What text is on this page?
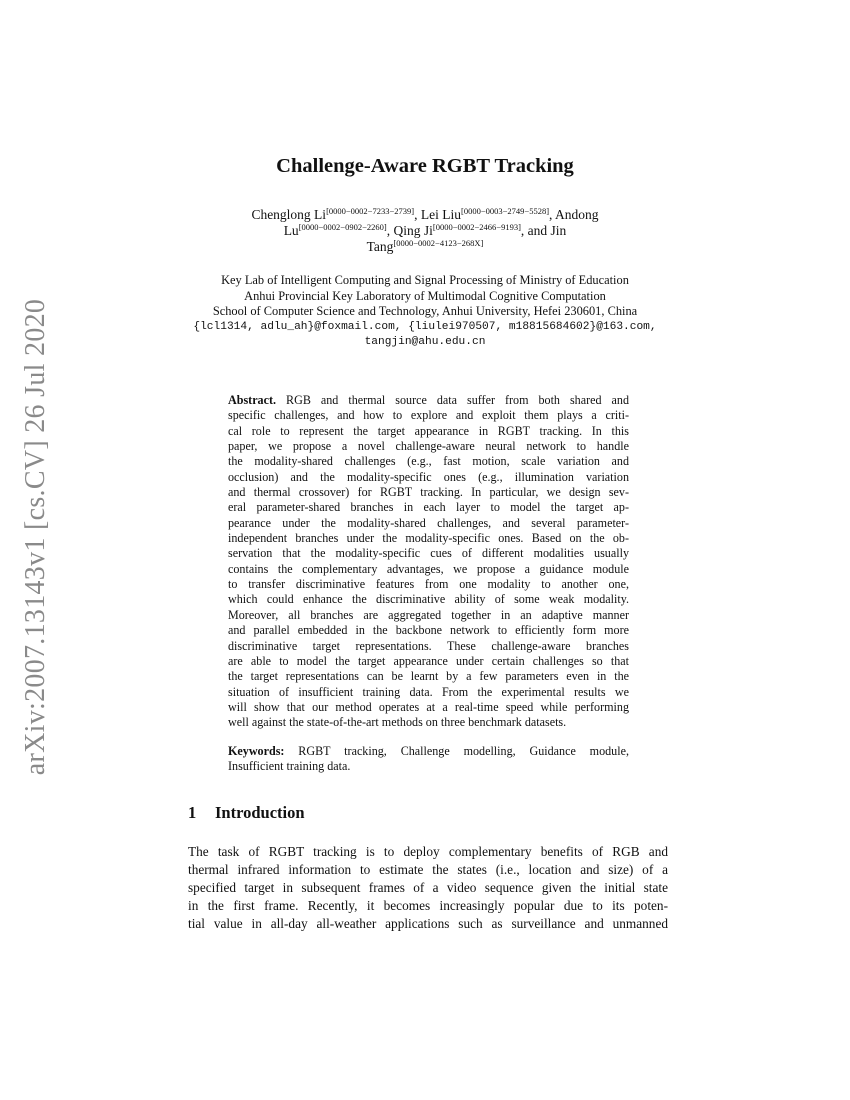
arXiv:2007.13143v1 [cs.CV] 26 Jul 2020
Challenge-Aware RGBT Tracking
Chenglong Li[0000−0002−7233−2739], Lei Liu[0000−0003−2749−5528], Andong
Lu[0000−0002−0902−2260], Qing Ji[0000−0002−2466−9193], and Jin
Tang[0000−0002−4123−268X]
Key Lab of Intelligent Computing and Signal Processing of Ministry of Education
Anhui Provincial Key Laboratory of Multimodal Cognitive Computation
School of Computer Science and Technology, Anhui University, Hefei 230601, China
{lcl1314, adlu_ah}@foxmail.com, {liulei970507, m18815684602}@163.com,
tangjin@ahu.edu.cn
Abstract. RGB and thermal source data suffer from both shared and
specific challenges, and how to explore and exploit them plays a criti-
cal role to represent the target appearance in RGBT tracking. In this
paper, we propose a novel challenge-aware neural network to handle
the modality-shared challenges (e.g., fast motion, scale variation and
occlusion) and the modality-specific ones (e.g., illumination variation
and thermal crossover) for RGBT tracking. In particular, we design sev-
eral parameter-shared branches in each layer to model the target ap-
pearance under the modality-shared challenges, and several parameter-
independent branches under the modality-specific ones. Based on the ob-
servation that the modality-specific cues of different modalities usually
contains the complementary advantages, we propose a guidance module
to transfer discriminative features from one modality to another one,
which could enhance the discriminative ability of some weak modality.
Moreover, all branches are aggregated together in an adaptive manner
and parallel embedded in the backbone network to efficiently form more
discriminative target representations. These challenge-aware branches
are able to model the target appearance under certain challenges so that
the target representations can be learnt by a few parameters even in the
situation of insufficient training data. From the experimental results we
will show that our method operates at a real-time speed while performing
well against the state-of-the-art methods on three benchmark datasets.
Keywords: RGBT tracking, Challenge modelling, Guidance module,
Insufficient training data.
1 Introduction
The task of RGBT tracking is to deploy complementary benefits of RGB and
thermal infrared information to estimate the states (i.e., location and size) of a
specified target in subsequent frames of a video sequence given the initial state
in the first frame. Recently, it becomes increasingly popular due to its poten-
tial value in all-day all-weather applications such as surveillance and unmanned
